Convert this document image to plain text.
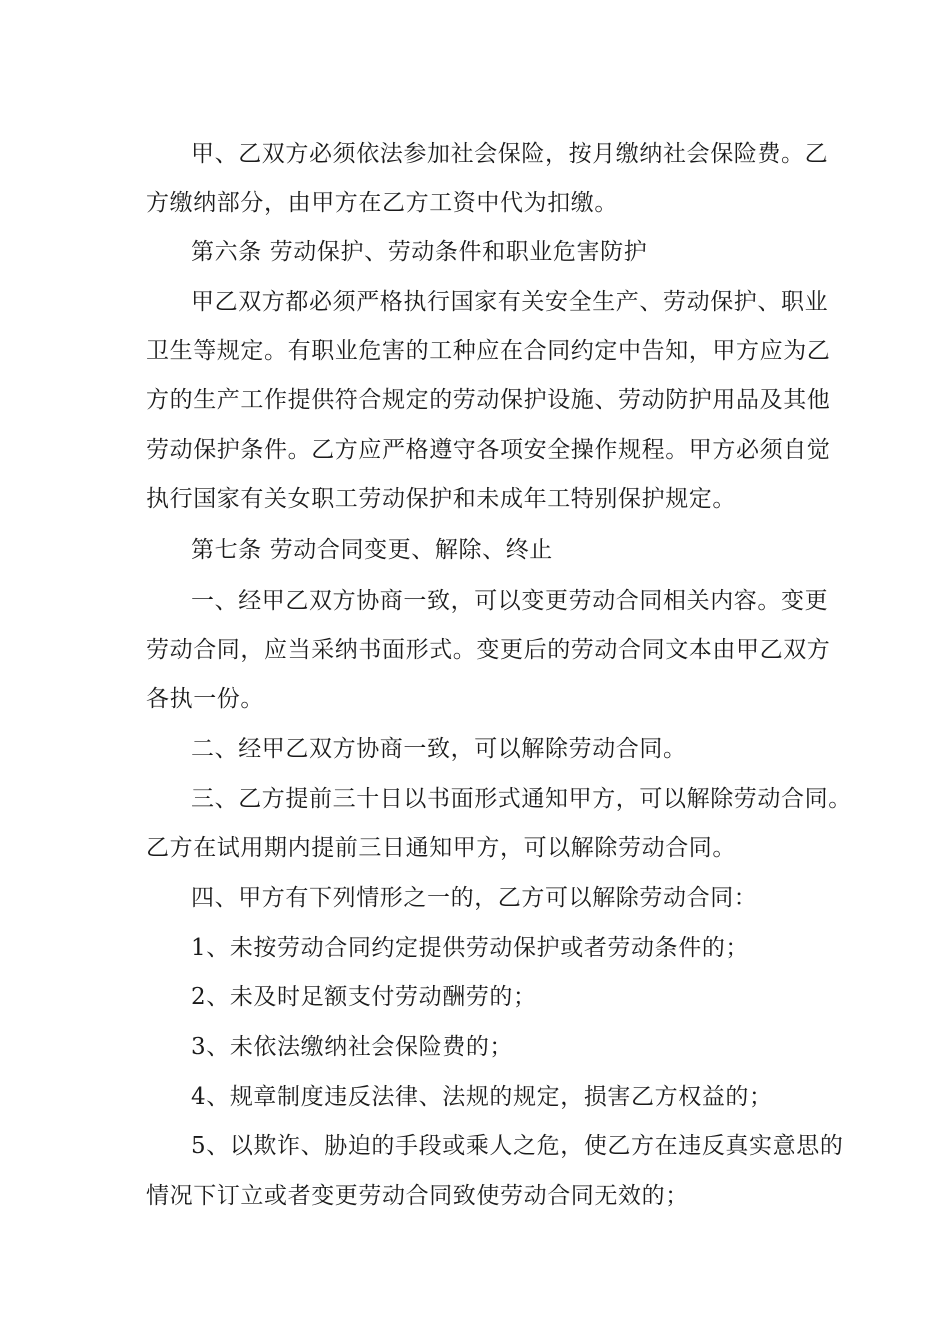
甲、乙双方必须依法参加社会保险，按月缴纳社会保险费。乙
方缴纳部分，由甲方在乙方工资中代为扣缴。
第六条 劳动保护、劳动条件和职业危害防护
甲乙双方都必须严格执行国家有关安全生产、劳动保护、职业
卫生等规定。有职业危害的工种应在合同约定中告知，甲方应为乙
方的生产工作提供符合规定的劳动保护设施、劳动防护用品及其他
劳动保护条件。乙方应严格遵守各项安全操作规程。甲方必须自觉
执行国家有关女职工劳动保护和未成年工特别保护规定。
第七条 劳动合同变更、解除、终止
一、经甲乙双方协商一致，可以变更劳动合同相关内容。变更
劳动合同，应当采纳书面形式。变更后的劳动合同文本由甲乙双方
各执一份。
二、经甲乙双方协商一致，可以解除劳动合同。
三、乙方提前三十日以书面形式通知甲方，可以解除劳动合同。
乙方在试用期内提前三日通知甲方，可以解除劳动合同。
四、甲方有下列情形之一的，乙方可以解除劳动合同：
1、未按劳动合同约定提供劳动保护或者劳动条件的；
2、未及时足额支付劳动酬劳的；
3、未依法缴纳社会保险费的；
4、规章制度违反法律、法规的规定，损害乙方权益的；
5、以欺诈、胁迫的手段或乘人之危，使乙方在违反真实意思的
情况下订立或者变更劳动合同致使劳动合同无效的；
